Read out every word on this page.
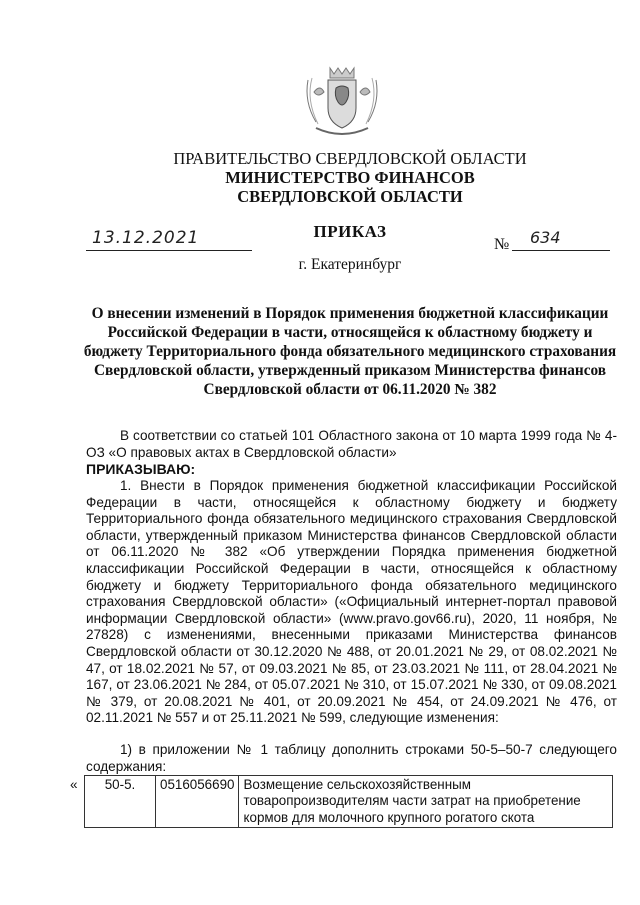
ПРАВИТЕЛЬСТВО СВЕРДЛОВСКОЙ ОБЛАСТИ
МИНИСТЕРСТВО ФИНАНСОВ
СВЕРДЛОВСКОЙ ОБЛАСТИ
ПРИКАЗ
13.12.2021	№ 634
г. Екатеринбург
О внесении изменений в Порядок применения бюджетной классификации Российской Федерации в части, относящейся к областному бюджету и бюджету Территориального фонда обязательного медицинского страхования Свердловской области, утвержденный приказом Министерства финансов Свердловской области от 06.11.2020 № 382
В соответствии со статьей 101 Областного закона от 10 марта 1999 года № 4-ОЗ «О правовых актах в Свердловской области»
ПРИКАЗЫВАЮ:
1. Внести в Порядок применения бюджетной классификации Российской Федерации в части, относящейся к областному бюджету и бюджету Территориального фонда обязательного медицинского страхования Свердловской области, утвержденный приказом Министерства финансов Свердловской области от 06.11.2020 № 382 «Об утверждении Порядка применения бюджетной классификации Российской Федерации в части, относящейся к областному бюджету и бюджету Территориального фонда обязательного медицинского страхования Свердловской области» («Официальный интернет-портал правовой информации Свердловской области» (www.pravo.gov66.ru), 2020, 11 ноября, № 27828) с изменениями, внесенными приказами Министерства финансов Свердловской области от 30.12.2020 № 488, от 20.01.2021 № 29, от 08.02.2021 № 47, от 18.02.2021 № 57, от 09.03.2021 № 85, от 23.03.2021 № 111, от 28.04.2021 № 167, от 23.06.2021 № 284, от 05.07.2021 № 310, от 15.07.2021 № 330, от 09.08.2021 № 379, от 20.08.2021 № 401, от 20.09.2021 № 454, от 24.09.2021 № 476, от 02.11.2021 № 557 и от 25.11.2021 № 599, следующие изменения:
1) в приложении № 1 таблицу дополнить строками 50-5–50-7 следующего содержания:
« 50-5.	0516056690	Возмещение сельскохозяйственным товаропроизводителям части затрат на приобретение кормов для молочного крупного рогатого скота
